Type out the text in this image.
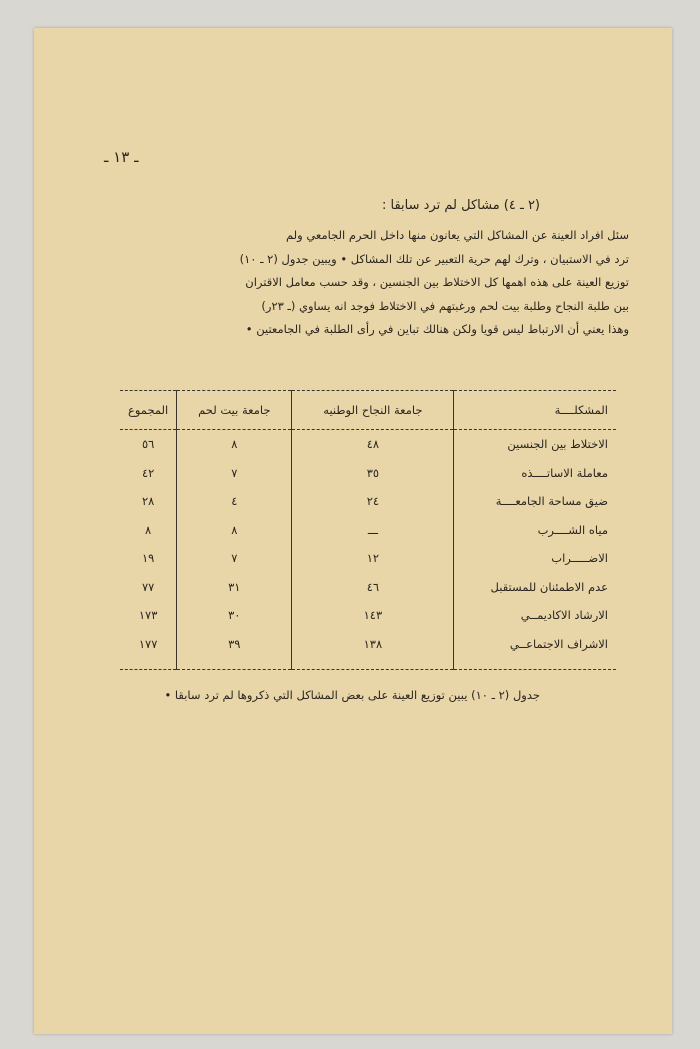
ـ ١٣ ـ
(٢ ـ ٤) مشاكل لم ترد سابقا :

سئل افراد العينة عن المشاكل التي يعانون منها داخل الحرم الجامعي ولم

ترد في الاستبيان ، وترك لهم حرية التعبير عن تلك المشاكل • ويبين جدول (٢ ـ ١٠)

توزيع العينة على هذه اهمها كل الاختلاط بين الجنسين ، وقد حسب معامل الاقتران

بين طلبة النجاح وطلبة بيت لحم ورغبتهم في الاختلاط فوجد انه يساوي (ـ ٢٣ر)

وهذا يعني أن الارتباط ليس قويا ولكن هنالك تباين في رأى الطلبة في الجامعتين •

المشكلــــة	جامعة النجاح الوطنيه	جامعة بيت لحم	المجموع
الاختلاط بين الجنسين	٤٨	٨	٥٦
معاملة الاساتــــذه	٣٥	٧	٤٢
ضيق مساحة الجامعــــة	٢٤	٤	٢٨
مياه الشــــرب	ـــ	٨	٨
الاضـــــراب	١٢	٧	١٩
عدم الاطمئنان للمستقبل	٤٦	٣١	٧٧
الارشاد الاكاديمــي	١٤٣	٣٠	١٧٣
الاشراف الاجتماعــي	١٣٨	٣٩	١٧٧
جدول (٢ ـ ١٠) يبين توزيع العينة على بعض المشاكل التي ذكروها لم ترد سابقا •
